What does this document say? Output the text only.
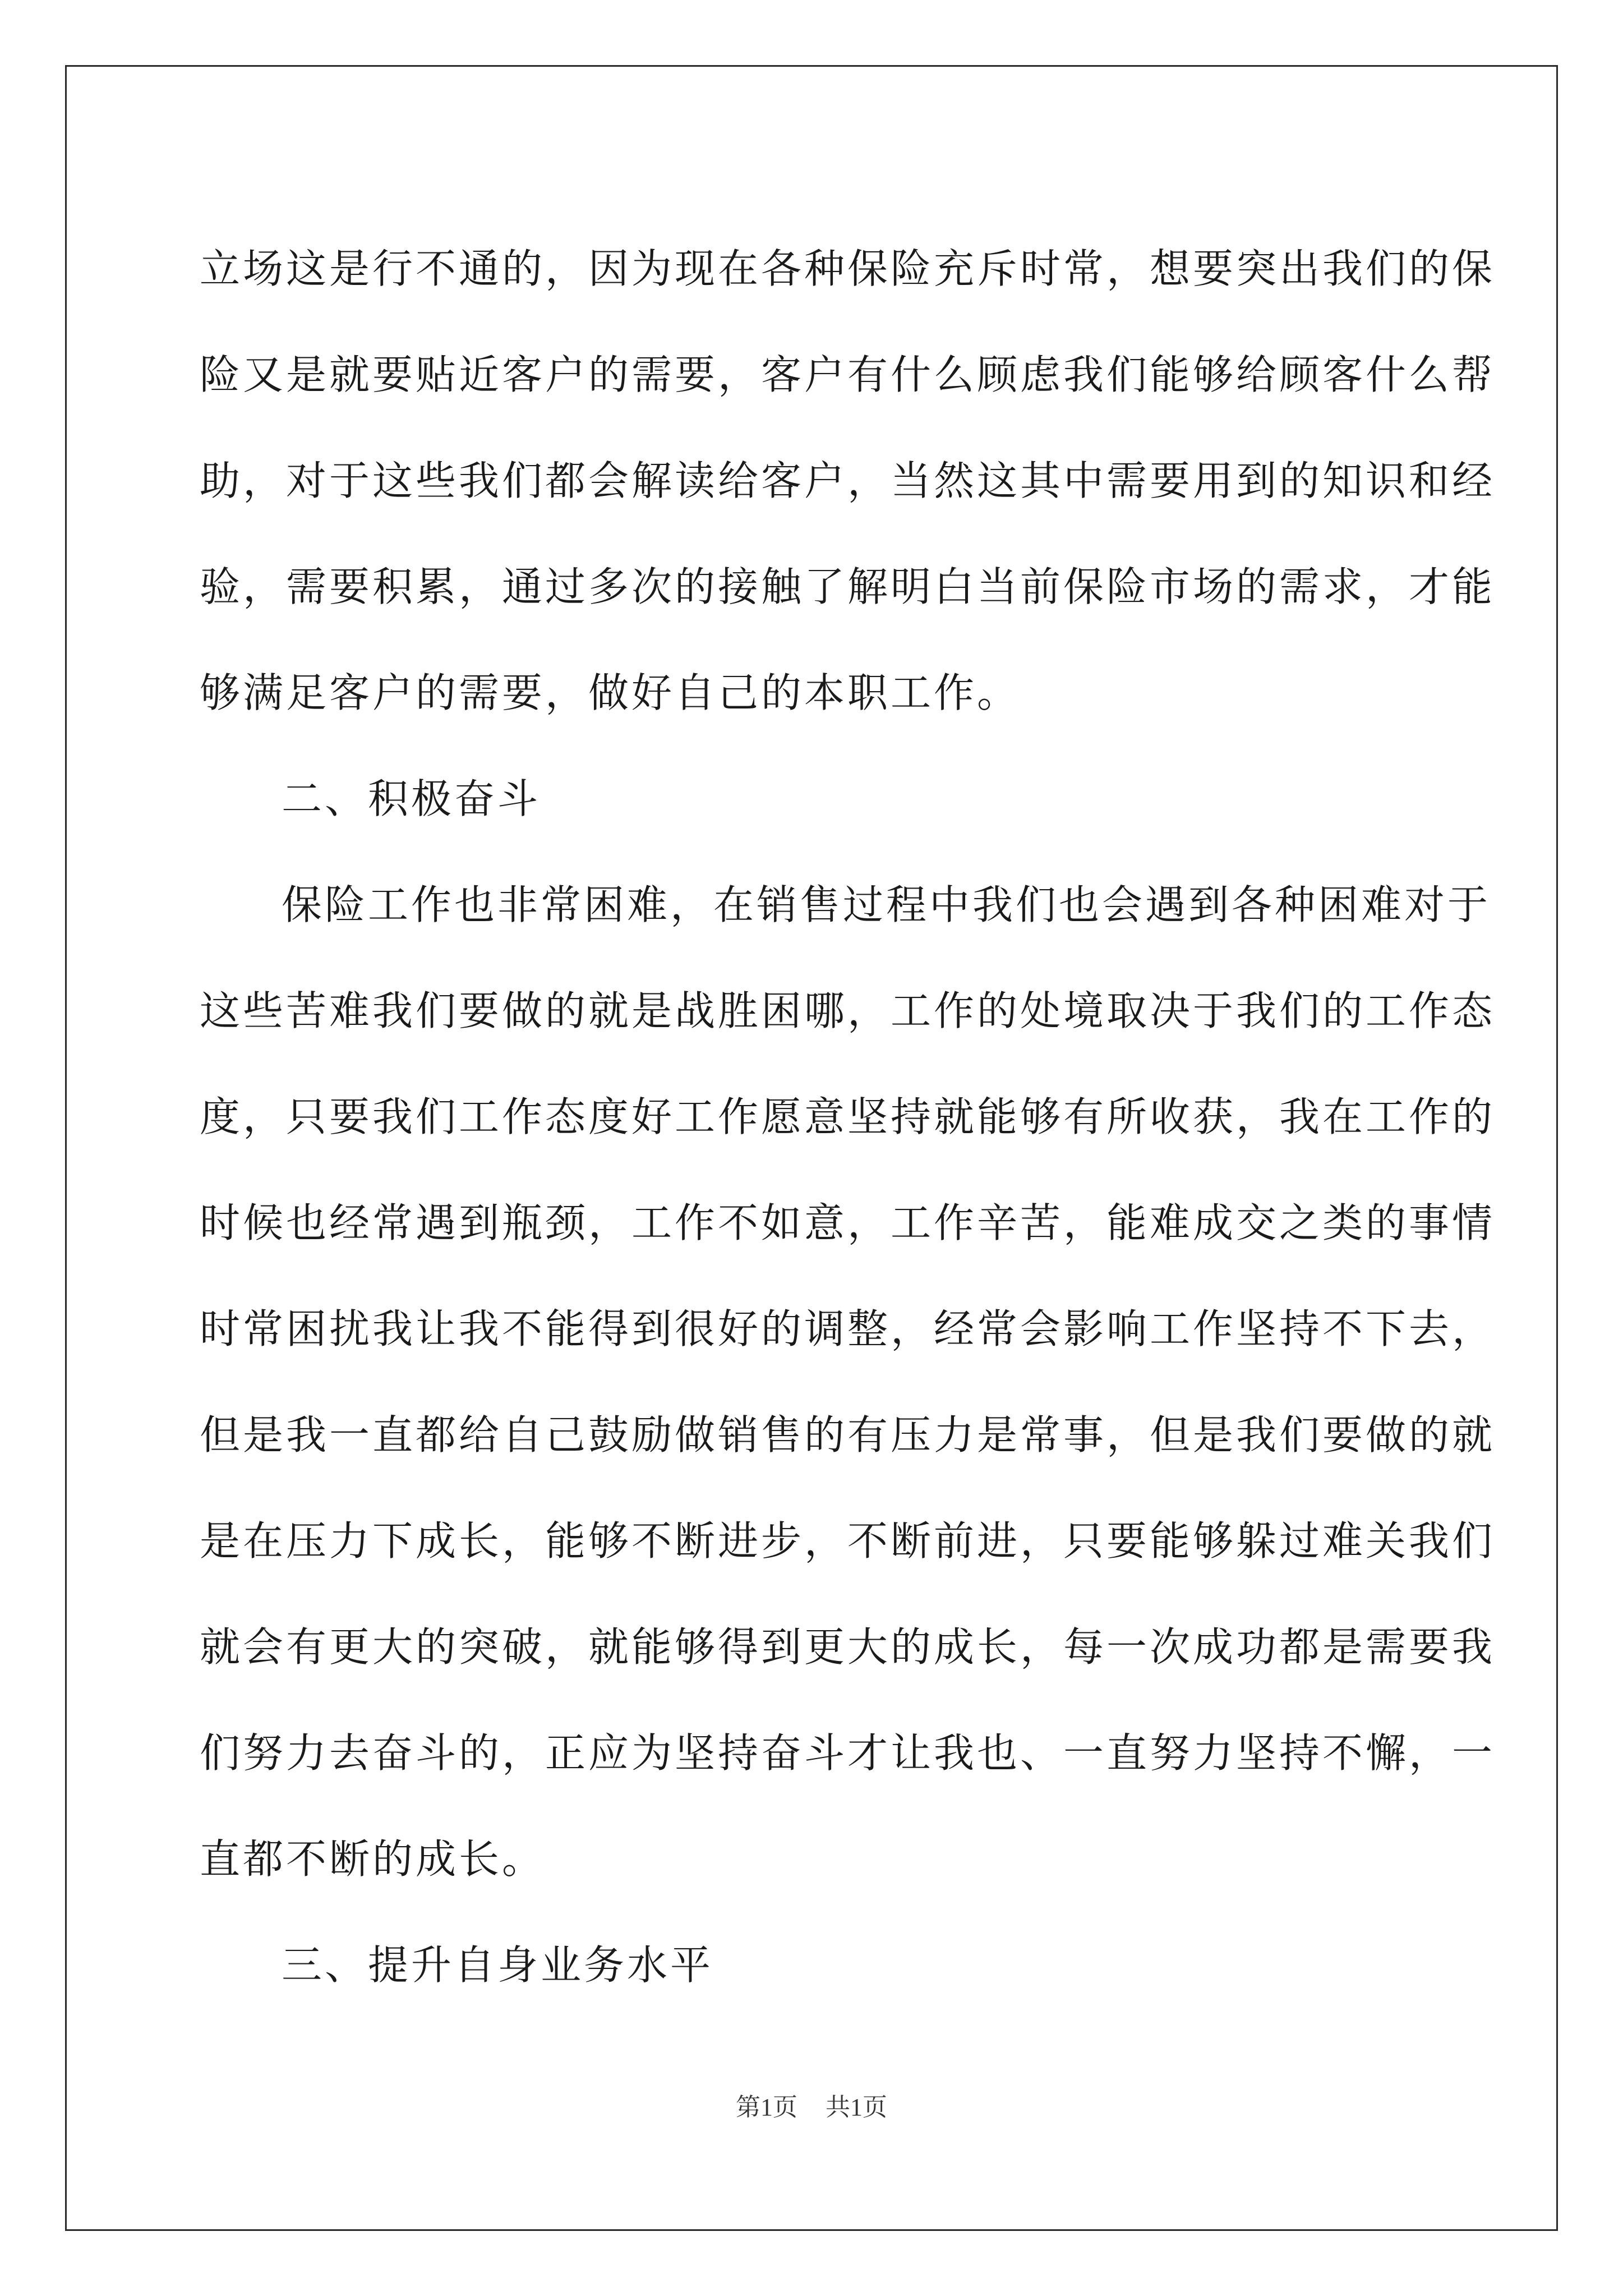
立场这是行不通的，因为现在各种保险充斥时常，想要突出我们的保
险又是就要贴近客户的需要，客户有什么顾虑我们能够给顾客什么帮
助，对于这些我们都会解读给客户，当然这其中需要用到的知识和经
验，需要积累，通过多次的接触了解明白当前保险市场的需求，才能
够满足客户的需要，做好自己的本职工作。
二、积极奋斗
保险工作也非常困难，在销售过程中我们也会遇到各种困难对于
这些苦难我们要做的就是战胜困哪，工作的处境取决于我们的工作态
度，只要我们工作态度好工作愿意坚持就能够有所收获，我在工作的
时候也经常遇到瓶颈，工作不如意，工作辛苦，能难成交之类的事情
时常困扰我让我不能得到很好的调整，经常会影响工作坚持不下去，
但是我一直都给自己鼓励做销售的有压力是常事，但是我们要做的就
是在压力下成长，能够不断进步，不断前进，只要能够躲过难关我们
就会有更大的突破，就能够得到更大的成长，每一次成功都是需要我
们努力去奋斗的，正应为坚持奋斗才让我也、一直努力坚持不懈，一
直都不断的成长。
三、提升自身业务水平
第1页 共1页
